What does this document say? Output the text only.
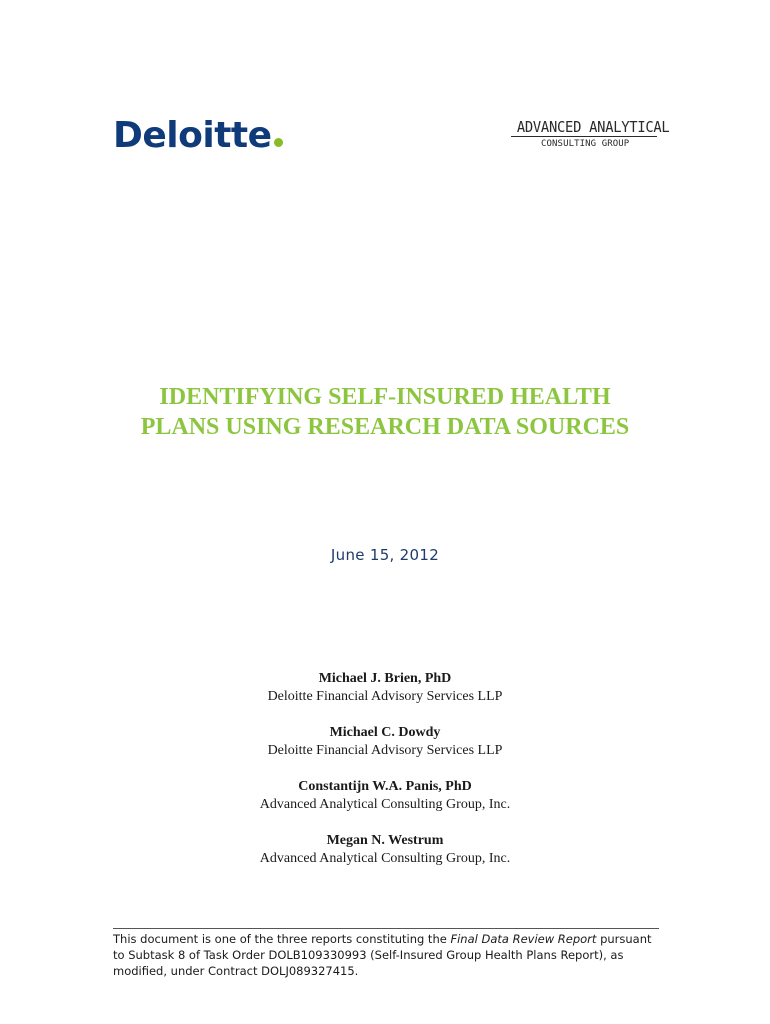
Deloitte	ADVANCED ANALYTICAL
CONSULTING GROUP
IDENTIFYING SELF-INSURED HEALTH
PLANS USING RESEARCH DATA SOURCES
June 15, 2012
Michael J. Brien, PhD
Deloitte Financial Advisory Services LLP
Michael C. Dowdy
Deloitte Financial Advisory Services LLP
Constantijn W.A. Panis, PhD
Advanced Analytical Consulting Group, Inc.
Megan N. Westrum
Advanced Analytical Consulting Group, Inc.
This document is one of the three reports constituting the Final Data Review Report pursuant to Subtask 8 of Task Order DOLB109330993 (Self-Insured Group Health Plans Report), as modified, under Contract DOLJ089327415.
